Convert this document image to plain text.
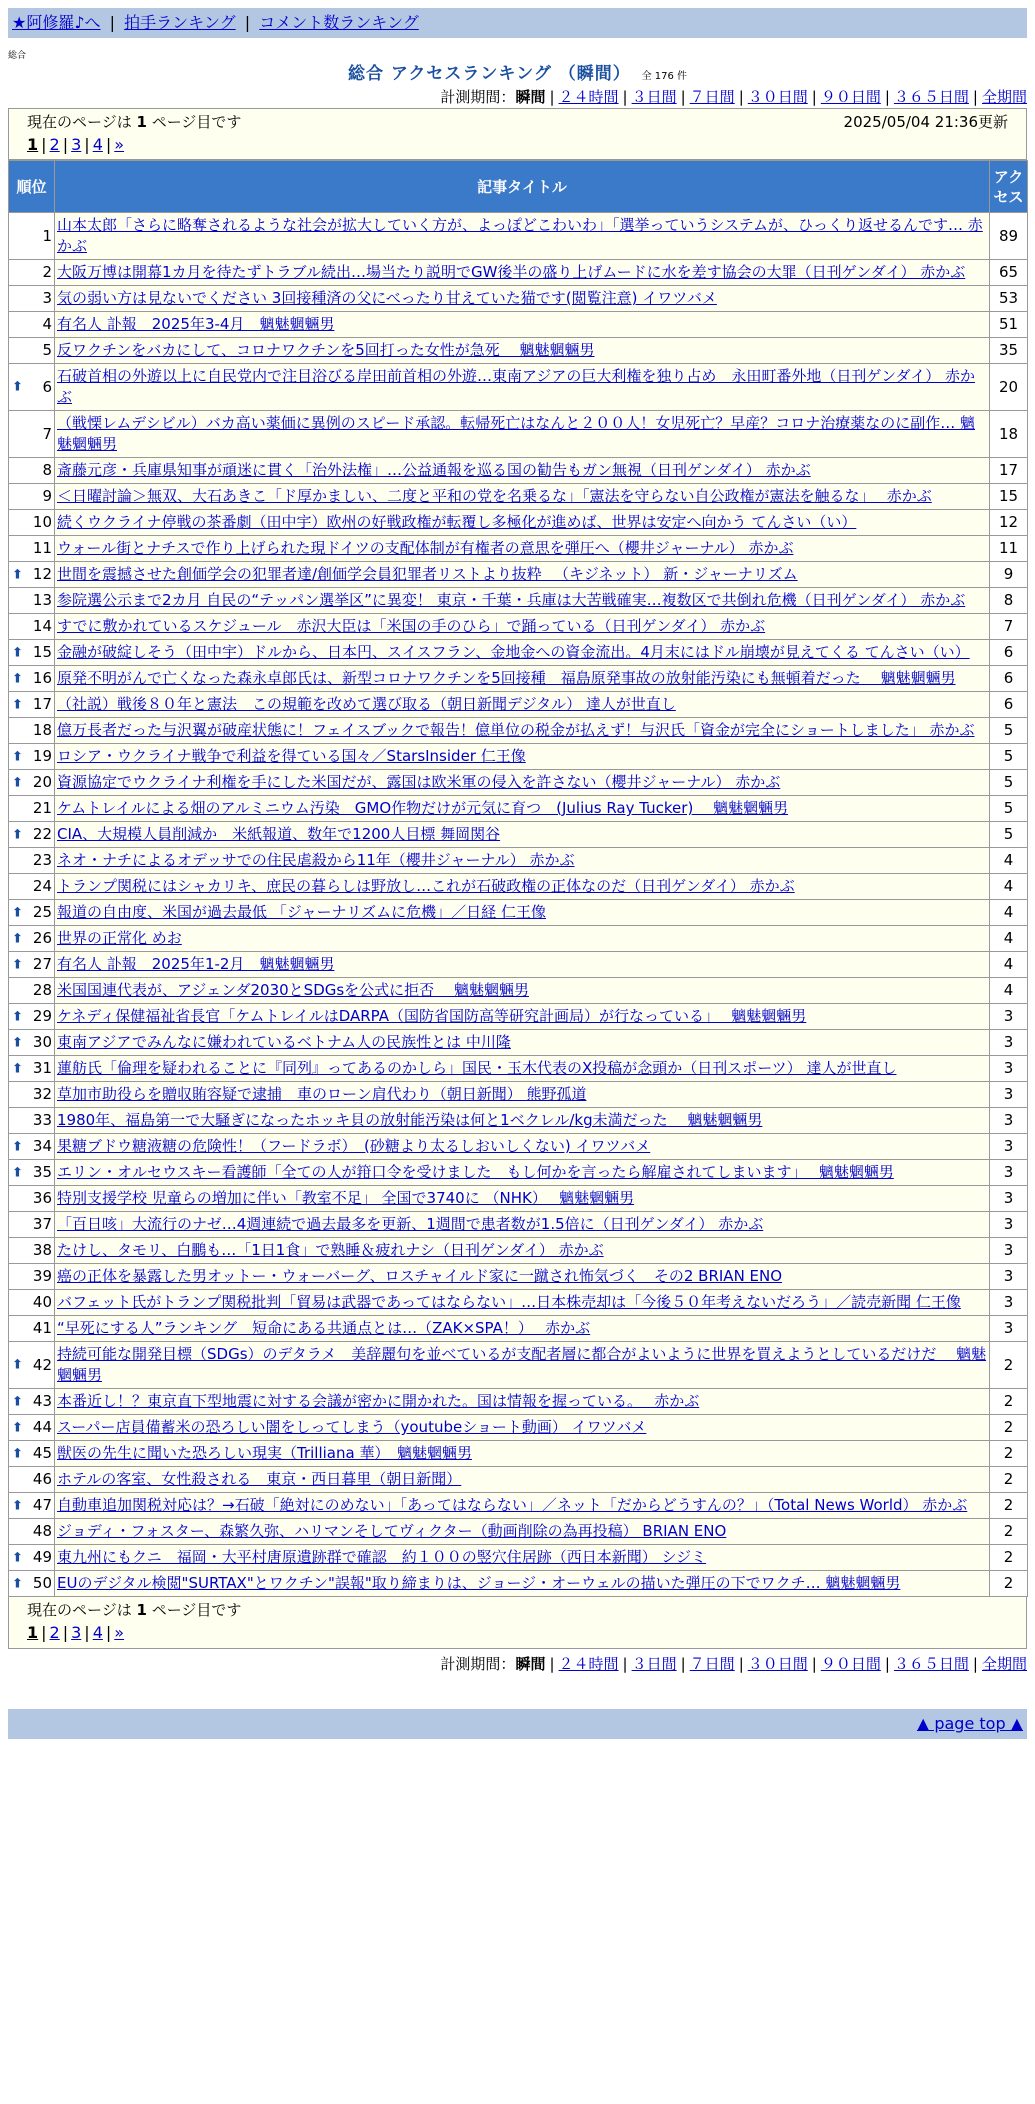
★阿修羅♪へ | 拍手ランキング | コメント数ランキング
総合
総合 アクセスランキング （瞬間） 全 176 件
計測期間：瞬間 | ２４時間 | ３日間 | ７日間 | ３０日間 | ９０日間 | ３６５日間 | 全期間
現在のページは 1 ページ目です	2025/05/04 21:36更新
1 | 2 | 3 | 4 | »
順位	記事タイトル	アクセス
1	山本太郎「さらに略奪されるような社会が拡大していく方が、よっぽどこわいわ」「選挙っていうシステムが、ひっくり返せるんです… 赤かぶ	89
2	大阪万博は開幕1カ月を待たずトラブル続出…場当たり説明でGW後半の盛り上げムードに水を差す協会の大罪（日刊ゲンダイ） 赤かぶ	65
3	気の弱い方は見ないでください 3回接種済の父にべったり甘えていた猫です(閲覧注意) イワツバメ	53
4	有名人 訃報　2025年3-4月　魑魅魍魎男	51
5	反ワクチンをバカにして、コロナワクチンを5回打った女性が急死　 魑魅魍魎男	35

⬆ 6	石破首相の外遊以上に自民党内で注目浴びる岸田前首相の外遊…東南アジアの巨大利権を独り占め　永田町番外地（日刊ゲンダイ） 赤かぶ	20
7	（戦慄レムデシビル）バカ高い薬価に異例のスピード承認。転帰死亡はなんと２００人！女児死亡？早産？コロナ治療薬なのに副作… 魑魅魍魎男	18
8	斎藤元彦・兵庫県知事が頑迷に貫く「治外法権」…公益通報を巡る国の勧告もガン無視（日刊ゲンダイ） 赤かぶ	17
9	＜日曜討論＞無双、大石あきこ「ド厚かましい、二度と平和の党を名乗るな」「憲法を守らない自公政権が憲法を触るな」　 赤かぶ	15
10	続くウクライナ停戦の茶番劇（田中宇）欧州の好戦政権が転覆し多極化が進めば、世界は安定へ向かう てんさい（い）	12
11	ウォール街とナチスで作り上げられた現ドイツの支配体制が有権者の意思を弾圧へ（櫻井ジャーナル） 赤かぶ	11

⬆ 12	世間を震撼させた創価学会の犯罪者達/創価学会員犯罪者リストより抜粋 　（キジネット） 新・ジャーナリズム	9
13	参院選公示まで2カ月 自民の“テッパン選挙区”に異変！ 東京・千葉・兵庫は大苦戦確実…複数区で共倒れ危機（日刊ゲンダイ） 赤かぶ	8
14	すでに敷かれているスケジュール　赤沢大臣は「米国の手のひら」で踊っている（日刊ゲンダイ） 赤かぶ	7

⬆ 15	金融が破綻しそう（田中宇）ドルから、日本円、スイスフラン、金地金への資金流出。4月末にはドル崩壊が見えてくる てんさい（い）	6

⬆ 16	原発不明がんで亡くなった森永卓郎氏は、新型コロナワクチンを5回接種　福島原発事故の放射能汚染にも無頓着だった　 魑魅魍魎男	6

⬆ 17	（社説）戦後８０年と憲法　この規範を改めて選び取る（朝日新聞デジタル） 達人が世直し	6
18	億万長者だった与沢翼が破産状態に！フェイスブックで報告！億単位の税金が払えず！与沢氏「資金が完全にショートしました」 赤かぶ	5

⬆ 19	ロシア・ウクライナ戦争で利益を得ている国々／StarsInsider 仁王像	5

⬆ 20	資源協定でウクライナ利権を手にした米国だが、露国は欧米軍の侵入を許さない（櫻井ジャーナル） 赤かぶ	5
21	ケムトレイルによる畑のアルミニウム汚染　GMO作物だけが元気に育つ　(Julius Ray Tucker)　 魑魅魍魎男	5

⬆ 22	CIA、大規模人員削減か　米紙報道、数年で1200人目標 舞岡関谷	5
23	ネオ・ナチによるオデッサでの住民虐殺から11年（櫻井ジャーナル） 赤かぶ	4
24	トランプ関税にはシャカリキ、庶民の暮らしは野放し…これが石破政権の正体なのだ（日刊ゲンダイ） 赤かぶ	4

⬆ 25	報道の自由度、米国が過去最低 「ジャーナリズムに危機」／日経 仁王像	4

⬆ 26	世界の正常化 めお	4

⬆ 27	有名人 訃報　2025年1-2月　魑魅魍魎男	4
28	米国国連代表が、アジェンダ2030とSDGsを公式に拒否　 魑魅魍魎男	4

⬆ 29	ケネディ保健福祉省長官「ケムトレイルはDARPA（国防省国防高等研究計画局）が行なっている」　 魑魅魍魎男	3

⬆ 30	東南アジアでみんなに嫌われているベトナム人の民族性とは 中川隆	3

⬆ 31	蓮舫氏「倫理を疑われることに『同列』ってあるのかしら」国民・玉木代表のX投稿が念頭か（日刊スポーツ） 達人が世直し	3
32	草加市助役らを贈収賄容疑で逮捕　車のローン肩代わり（朝日新聞） 熊野孤道	3
33	1980年、福島第一で大騒ぎになったホッキ貝の放射能汚染は何と1ベクレル/kg未満だった　 魑魅魍魎男	3

⬆ 34	果糖ブドウ糖液糖の危険性！（フードラボ）　(砂糖より太るしおいしくない) イワツバメ	3

⬆ 35	エリン・オルセウスキー看護師「全ての人が箝口令を受けました　もし何かを言ったら解雇されてしまいます」　 魑魅魍魎男	3
36	特別支援学校 児童らの増加に伴い「教室不足」 全国で3740に （NHK）　 魑魅魍魎男	3
37	「百日咳」大流行のナゼ…4週連続で過去最多を更新、1週間で患者数が1.5倍に（日刊ゲンダイ） 赤かぶ	3
38	たけし、タモリ、白鵬も…「1日1食」で熟睡＆疲れナシ（日刊ゲンダイ） 赤かぶ	3
39	癌の正体を暴露した男オットー・ウォーバーグ、ロスチャイルド家に一蹴され怖気づく　その2 BRIAN ENO	3
40	バフェット氏がトランプ関税批判「貿易は武器であってはならない」…日本株売却は「今後５０年考えないだろう」／読売新聞 仁王像	3
41	“早死にする人”ランキング　短命にある共通点とは…（ZAK×SPA！）　 赤かぶ	3

⬆ 42	持続可能な開発目標（SDGs）のデタラメ　美辞麗句を並べているが支配者層に都合がよいように世界を買えようとしているだけだ　 魑魅魍魎男	2

⬆ 43	本番近し！？東京直下型地震に対する会議が密かに開かれた。国は情報を握っている。　 赤かぶ	2

⬆ 44	スーパー店員備蓄米の恐ろしい闇をしってしまう（youtubeショート動画） イワツバメ	2

⬆ 45	獣医の先生に聞いた恐ろしい現実（Trilliana 華）　魑魅魍魎男	2
46	ホテルの客室、女性殺される　東京・西日暮里（朝日新聞）	2

⬆ 47	自動車追加関税対応は？→石破「絶対にのめない」「あってはならない」／ネット「だからどうすんの？」（Total News World） 赤かぶ	2
48	ジョディ・フォスター、森繁久弥、ハリマンそしてヴィクター（動画削除の為再投稿） BRIAN ENO	2

⬆ 49	東九州にもクニ　福岡・大平村唐原遺跡群で確認　約１００の竪穴住居跡（西日本新聞） シジミ	2

⬆ 50	EUのデジタル検閲"SURTAX"とワクチン"誤報"取り締まりは、ジョージ・オーウェルの描いた弾圧の下でワクチ… 魑魅魍魎男	2
現在のページは 1 ページ目です
1 | 2 | 3 | 4 | »
計測期間：瞬間 | ２４時間 | ３日間 | ７日間 | ３０日間 | ９０日間 | ３６５日間 | 全期間
▲ page top ▲
